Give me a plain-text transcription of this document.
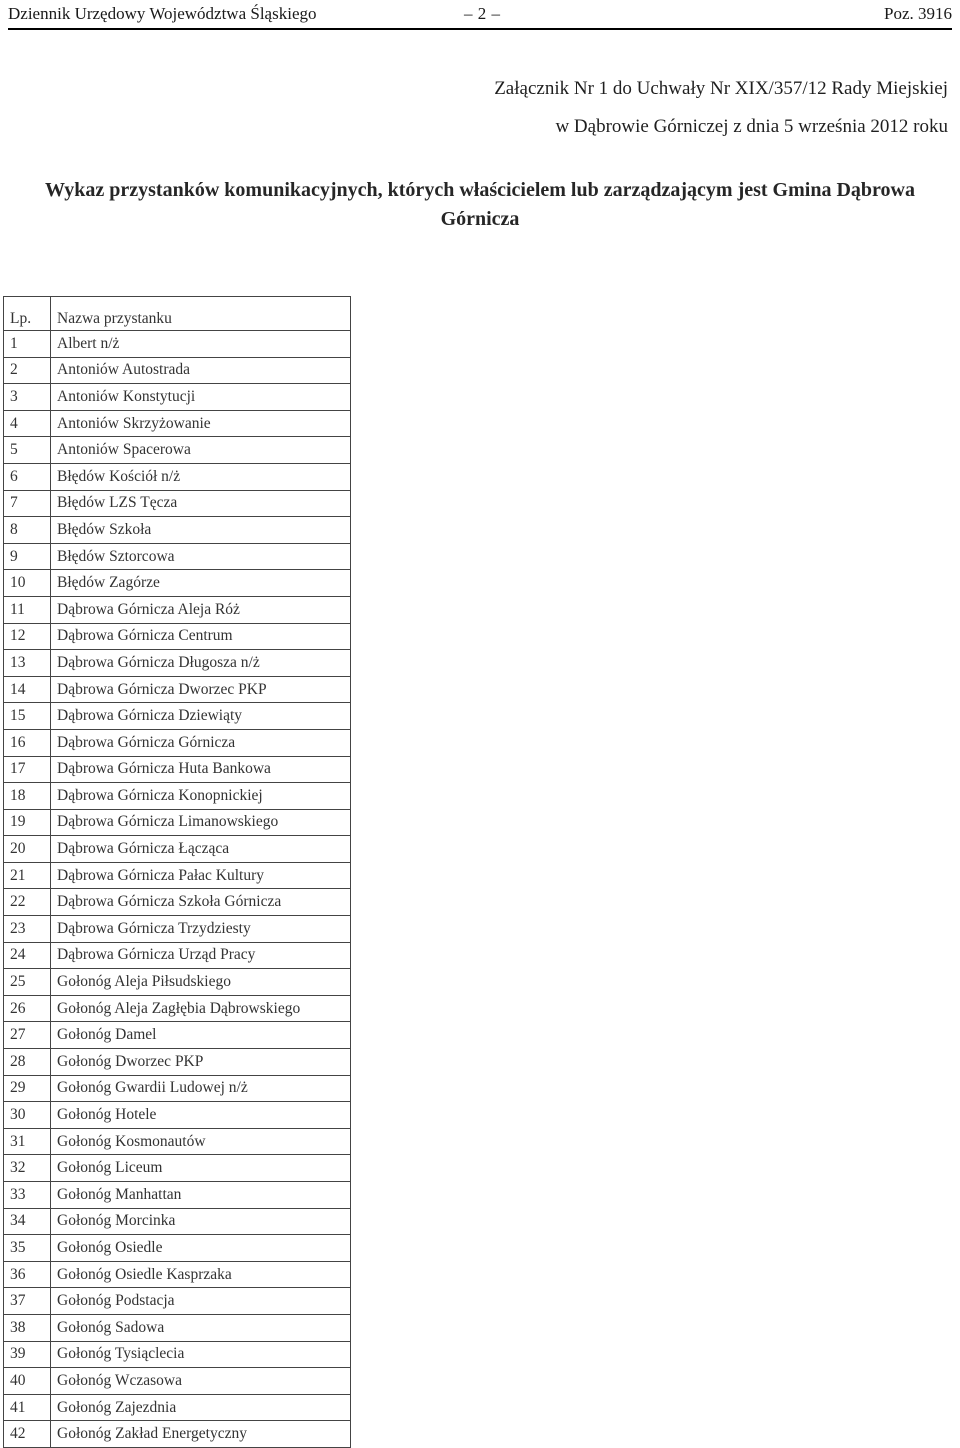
Dziennik Urzędowy Województwa Śląskiego	– 2 –	Poz. 3916
Załącznik Nr 1 do Uchwały Nr XIX/357/12 Rady Miejskiej
w Dąbrowie Górniczej z dnia 5 września 2012 roku
Wykaz przystanków komunikacyjnych, których właścicielem lub zarządzającym jest Gmina Dąbrowa Górnicza
Lp.	Nazwa przystanku
1	Albert n/ż
2	Antoniów Autostrada
3	Antoniów Konstytucji
4	Antoniów Skrzyżowanie
5	Antoniów Spacerowa
6	Błędów Kościół n/ż
7	Błędów LZS Tęcza
8	Błędów Szkoła
9	Błędów Sztorcowa
10	Błędów Zagórze
11	Dąbrowa Górnicza Aleja Róż
12	Dąbrowa Górnicza Centrum
13	Dąbrowa Górnicza Długosza n/ż
14	Dąbrowa Górnicza Dworzec PKP
15	Dąbrowa Górnicza Dziewiąty
16	Dąbrowa Górnicza Górnicza
17	Dąbrowa Górnicza Huta Bankowa
18	Dąbrowa Górnicza Konopnickiej
19	Dąbrowa Górnicza Limanowskiego
20	Dąbrowa Górnicza Łącząca
21	Dąbrowa Górnicza Pałac Kultury
22	Dąbrowa Górnicza Szkoła Górnicza
23	Dąbrowa Górnicza Trzydziesty
24	Dąbrowa Górnicza Urząd Pracy
25	Gołonóg Aleja Piłsudskiego
26	Gołonóg Aleja Zagłębia Dąbrowskiego
27	Gołonóg Damel
28	Gołonóg Dworzec PKP
29	Gołonóg Gwardii Ludowej n/ż
30	Gołonóg Hotele
31	Gołonóg Kosmonautów
32	Gołonóg Liceum
33	Gołonóg Manhattan
34	Gołonóg Morcinka
35	Gołonóg Osiedle
36	Gołonóg Osiedle Kasprzaka
37	Gołonóg Podstacja
38	Gołonóg Sadowa
39	Gołonóg Tysiąclecia
40	Gołonóg Wczasowa
41	Gołonóg Zajezdnia
42	Gołonóg Zakład Energetyczny
